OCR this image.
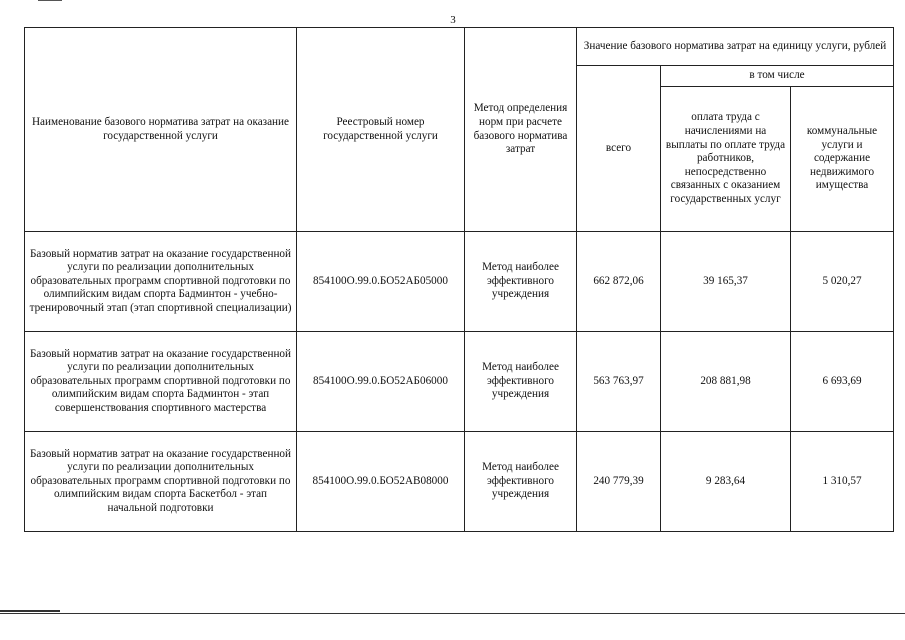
3
Наименование базового норматива затрат на оказание государственной услуги	Реестровый номер государственной услуги	Метод определения норм при расчете базового норматива затрат	Значение базового норматива затрат на единицу услуги, рублей		
			всего	в том числе	
				оплата труда с начислениями на выплаты по оплате труда работников, непосредственно связанных с оказанием государственных услуг	коммунальные услуги и содержание недвижимого имущества
Базовый норматив затрат на оказание государственной услуги по реализации дополнительных образовательных программ спортивной подготовки по олимпийским видам спорта Бадминтон - учебно-тренировочный этап (этап спортивной специализации)	854100О.99.0.БО52АБ05000	Метод наиболее эффективного учреждения	662 872,06	39 165,37	5 020,27
Базовый норматив затрат на оказание государственной услуги по реализации дополнительных образовательных программ спортивной подготовки по олимпийским видам спорта Бадминтон - этап совершенствования спортивного мастерства	854100О.99.0.БО52АБ06000	Метод наиболее эффективного учреждения	563 763,97	208 881,98	6 693,69
Базовый норматив затрат на оказание государственной услуги по реализации дополнительных образовательных программ спортивной подготовки по олимпийским видам спорта Баскетбол - этап начальной подготовки	854100О.99.0.БО52АВ08000	Метод наиболее эффективного учреждения	240 779,39	9 283,64	1 310,57
